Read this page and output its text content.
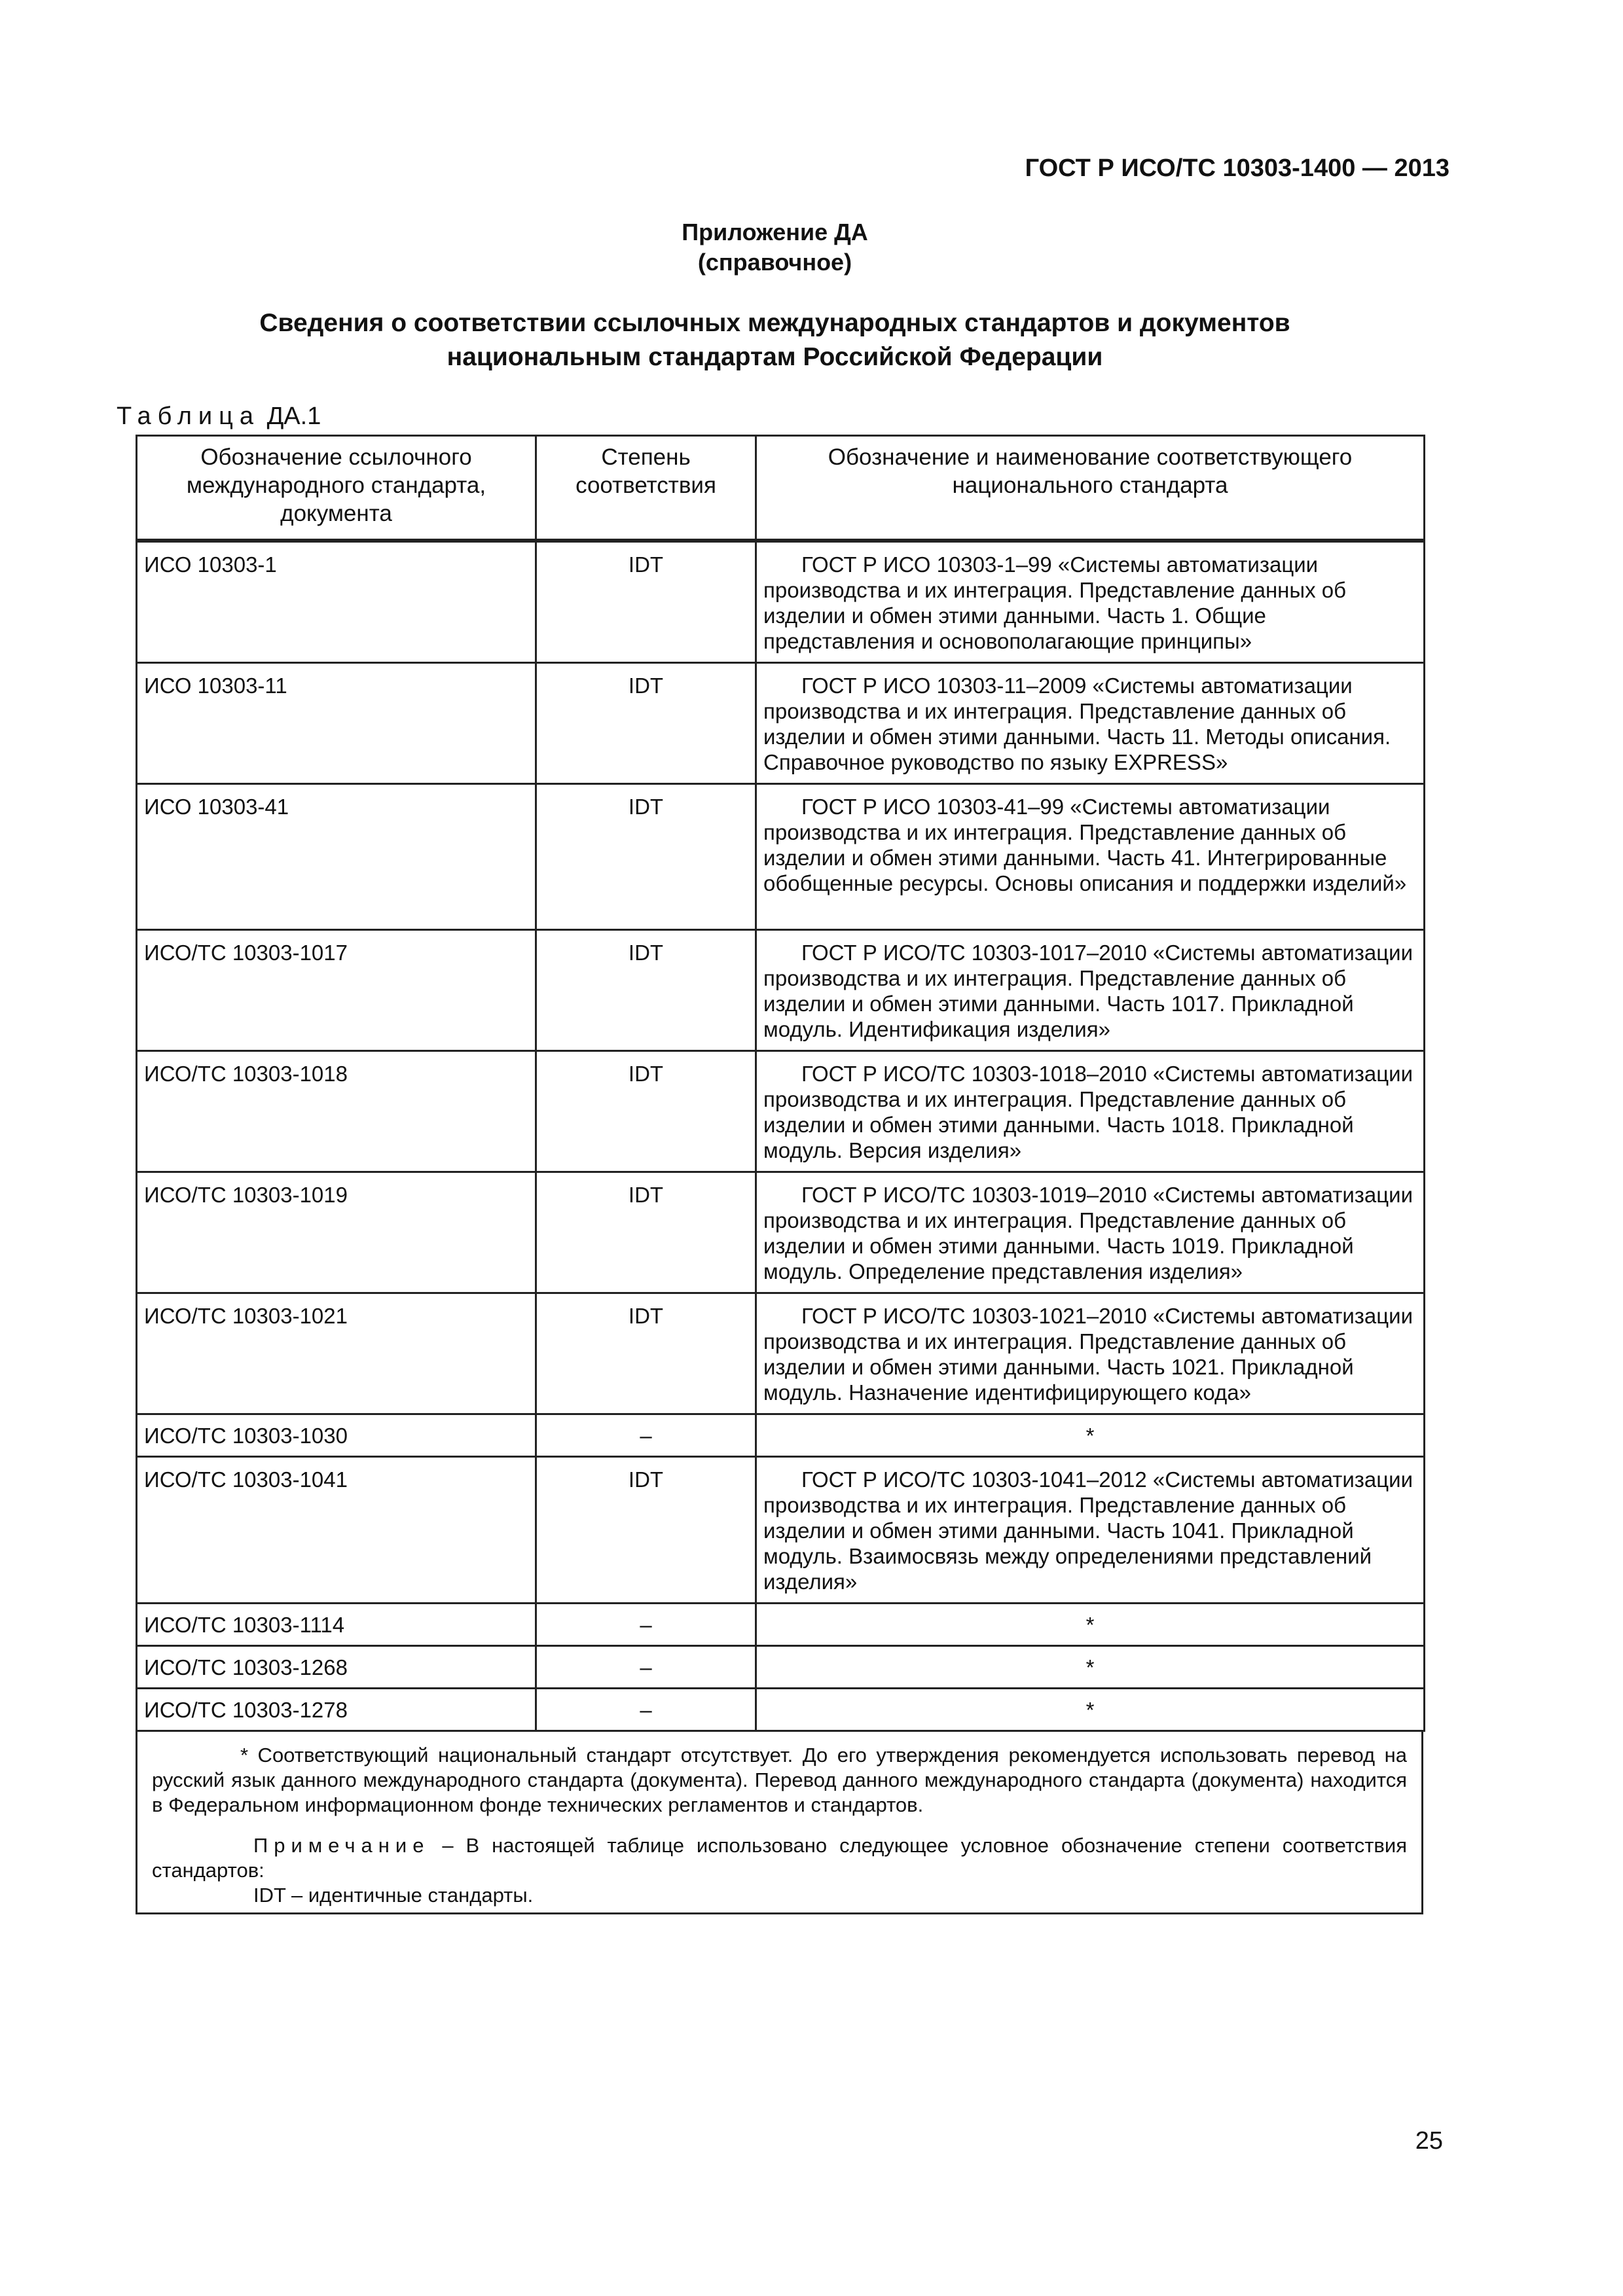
ГОСТ Р ИСО/ТС 10303-1400 — 2013
Приложение ДА
(справочное)
Сведения о соответствии ссылочных международных стандартов и документов
национальным стандартам Российской Федерации
Таблица ДА.1
Обозначение ссылочного международного стандарта, документа	Степень соответствия	Обозначение и наименование соответствующего национального стандарта
ИСО 10303-1	IDT	ГОСТ Р ИСО 10303-1–99 «Системы автоматизации производства и их интеграция. Представление данных об изделии и обмен этими данными. Часть 1. Общие представления и основополагающие принципы»
ИСО 10303-11	IDT	ГОСТ Р ИСО 10303-11–2009 «Системы автоматизации производства и их интеграция. Представление данных об изделии и обмен этими данными. Часть 11. Методы описания. Справочное руководство по языку EXPRESS»
ИСО 10303-41	IDT	ГОСТ Р ИСО 10303-41–99 «Системы автоматизации производства и их интеграция. Представление данных об изделии и обмен этими данными. Часть 41. Интегрированные обобщенные ресурсы. Основы описания и поддержки изделий»
ИСО/ТС 10303-1017	IDT	ГОСТ Р ИСО/ТС 10303-1017–2010 «Системы автоматизации производства и их интеграция. Представление данных об изделии и обмен этими данными. Часть 1017. Прикладной модуль. Идентификация изделия»
ИСО/ТС 10303-1018	IDT	ГОСТ Р ИСО/ТС 10303-1018–2010 «Системы автоматизации производства и их интеграция. Представление данных об изделии и обмен этими данными. Часть 1018. Прикладной модуль. Версия изделия»
ИСО/ТС 10303-1019	IDT	ГОСТ Р ИСО/ТС 10303-1019–2010 «Системы автоматизации производства и их интеграция. Представление данных об изделии и обмен этими данными. Часть 1019. Прикладной модуль. Определение представления изделия»
ИСО/ТС 10303-1021	IDT	ГОСТ Р ИСО/ТС 10303-1021–2010 «Системы автоматизации производства и их интеграция. Представление данных об изделии и обмен этими данными. Часть 1021. Прикладной модуль. Назначение идентифицирующего кода»
ИСО/ТС 10303-1030	–	*
ИСО/ТС 10303-1041	IDT	ГОСТ Р ИСО/ТС 10303-1041–2012 «Системы автоматизации производства и их интеграция. Представление данных об изделии и обмен этими данными. Часть 1041. Прикладной модуль. Взаимосвязь между определениями представлений изделия»
ИСО/ТС 10303-1114	–	*
ИСО/ТС 10303-1268	–	*
ИСО/ТС 10303-1278	–	*

* Соответствующий национальный стандарт отсутствует. До его утверждения рекомендуется использовать перевод на русский язык данного международного стандарта (документа). Перевод данного международного стандарта (документа) находится в Федеральном информационном фонде технических регламентов и стандартов.

Примечание – В настоящей таблице использовано следующее условное обозначение степени соответствия стандартов:

IDT – идентичные стандарты.

25
